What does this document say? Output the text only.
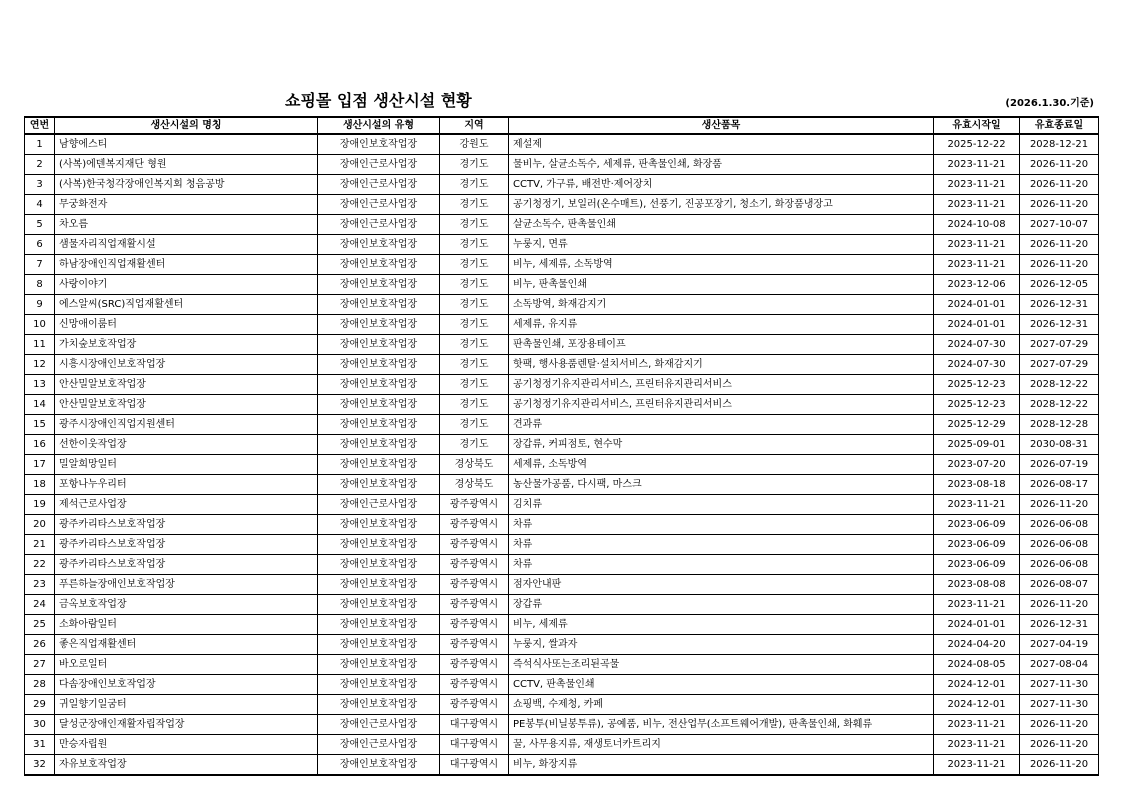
쇼핑몰 입점 생산시설 현황	(2026.1.30.기준)
연번	생산시설의 명칭	생산시설의 유형	지역	생산품목	유효시작일	유효종료일
1	남향에스티	장애인보호작업장	강원도	제설제	2025-12-22	2028-12-21
2	(사복)에덴복지재단 형원	장애인근로사업장	경기도	물비누, 살균소독수, 세제류, 판촉물인쇄, 화장품	2023-11-21	2026-11-20
3	(사복)한국청각장애인복지회 청음공방	장애인근로사업장	경기도	CCTV, 가구류, 배전반·제어장치	2023-11-21	2026-11-20
4	무궁화전자	장애인근로사업장	경기도	공기청정기, 보일러(온수매트), 선풍기, 진공포장기, 청소기, 화장품냉장고	2023-11-21	2026-11-20
5	차오름	장애인근로사업장	경기도	살균소독수, 판촉물인쇄	2024-10-08	2027-10-07
6	샘물자리직업재활시설	장애인보호작업장	경기도	누룽지, 면류	2023-11-21	2026-11-20
7	하남장애인직업재활센터	장애인보호작업장	경기도	비누, 세제류, 소독방역	2023-11-21	2026-11-20
8	사랑이야기	장애인보호작업장	경기도	비누, 판촉물인쇄	2023-12-06	2026-12-05
9	에스알씨(SRC)직업재활센터	장애인보호작업장	경기도	소독방역, 화재감지기	2024-01-01	2026-12-31
10	신망애이룸터	장애인보호작업장	경기도	세제류, 유지류	2024-01-01	2026-12-31
11	가치숲보호작업장	장애인보호작업장	경기도	판촉물인쇄, 포장용테이프	2024-07-30	2027-07-29
12	시흥시장애인보호작업장	장애인보호작업장	경기도	핫팩, 행사용품렌탈·설치서비스, 화재감지기	2024-07-30	2027-07-29
13	안산밀알보호작업장	장애인보호작업장	경기도	공기청정기유지관리서비스, 프린터유지관리서비스	2025-12-23	2028-12-22
14	안산밀알보호작업장	장애인보호작업장	경기도	공기청정기유지관리서비스, 프린터유지관리서비스	2025-12-23	2028-12-22
15	광주시장애인직업지원센터	장애인보호작업장	경기도	견과류	2025-12-29	2028-12-28
16	선한이웃작업장	장애인보호작업장	경기도	장갑류, 커피점토, 현수막	2025-09-01	2030-08-31
17	밀알희망일터	장애인보호작업장	경상북도	세제류, 소독방역	2023-07-20	2026-07-19
18	포항나누우리터	장애인보호작업장	경상북도	농산물가공품, 다시팩, 마스크	2023-08-18	2026-08-17
19	제석근로사업장	장애인근로사업장	광주광역시	김치류	2023-11-21	2026-11-20
20	광주카리타스보호작업장	장애인보호작업장	광주광역시	차류	2023-06-09	2026-06-08
21	광주카리타스보호작업장	장애인보호작업장	광주광역시	차류	2023-06-09	2026-06-08
22	광주카리타스보호작업장	장애인보호작업장	광주광역시	차류	2023-06-09	2026-06-08
23	푸른하늘장애인보호작업장	장애인보호작업장	광주광역시	점자안내판	2023-08-08	2026-08-07
24	금옥보호작업장	장애인보호작업장	광주광역시	장갑류	2023-11-21	2026-11-20
25	소화아람일터	장애인보호작업장	광주광역시	비누, 세제류	2024-01-01	2026-12-31
26	좋은직업재활센터	장애인보호작업장	광주광역시	누룽지, 쌀과자	2024-04-20	2027-04-19
27	바오로일터	장애인보호작업장	광주광역시	즉석식사또는조리된곡물	2024-08-05	2027-08-04
28	다솜장애인보호작업장	장애인보호작업장	광주광역시	CCTV, 판촉물인쇄	2024-12-01	2027-11-30
29	귀일향기일굼터	장애인보호작업장	광주광역시	쇼핑백, 수제청, 카페	2024-12-01	2027-11-30
30	달성군장애인재활자립작업장	장애인근로사업장	대구광역시	PE봉투(비닐봉투류), 공예품, 비누, 전산업무(소프트웨어개발), 판촉물인쇄, 화훼류	2023-11-21	2026-11-20
31	만승자립원	장애인근로사업장	대구광역시	꿀, 사무용지류, 재생토너카트리지	2023-11-21	2026-11-20
32	자유보호작업장	장애인보호작업장	대구광역시	비누, 화장지류	2023-11-21	2026-11-20
